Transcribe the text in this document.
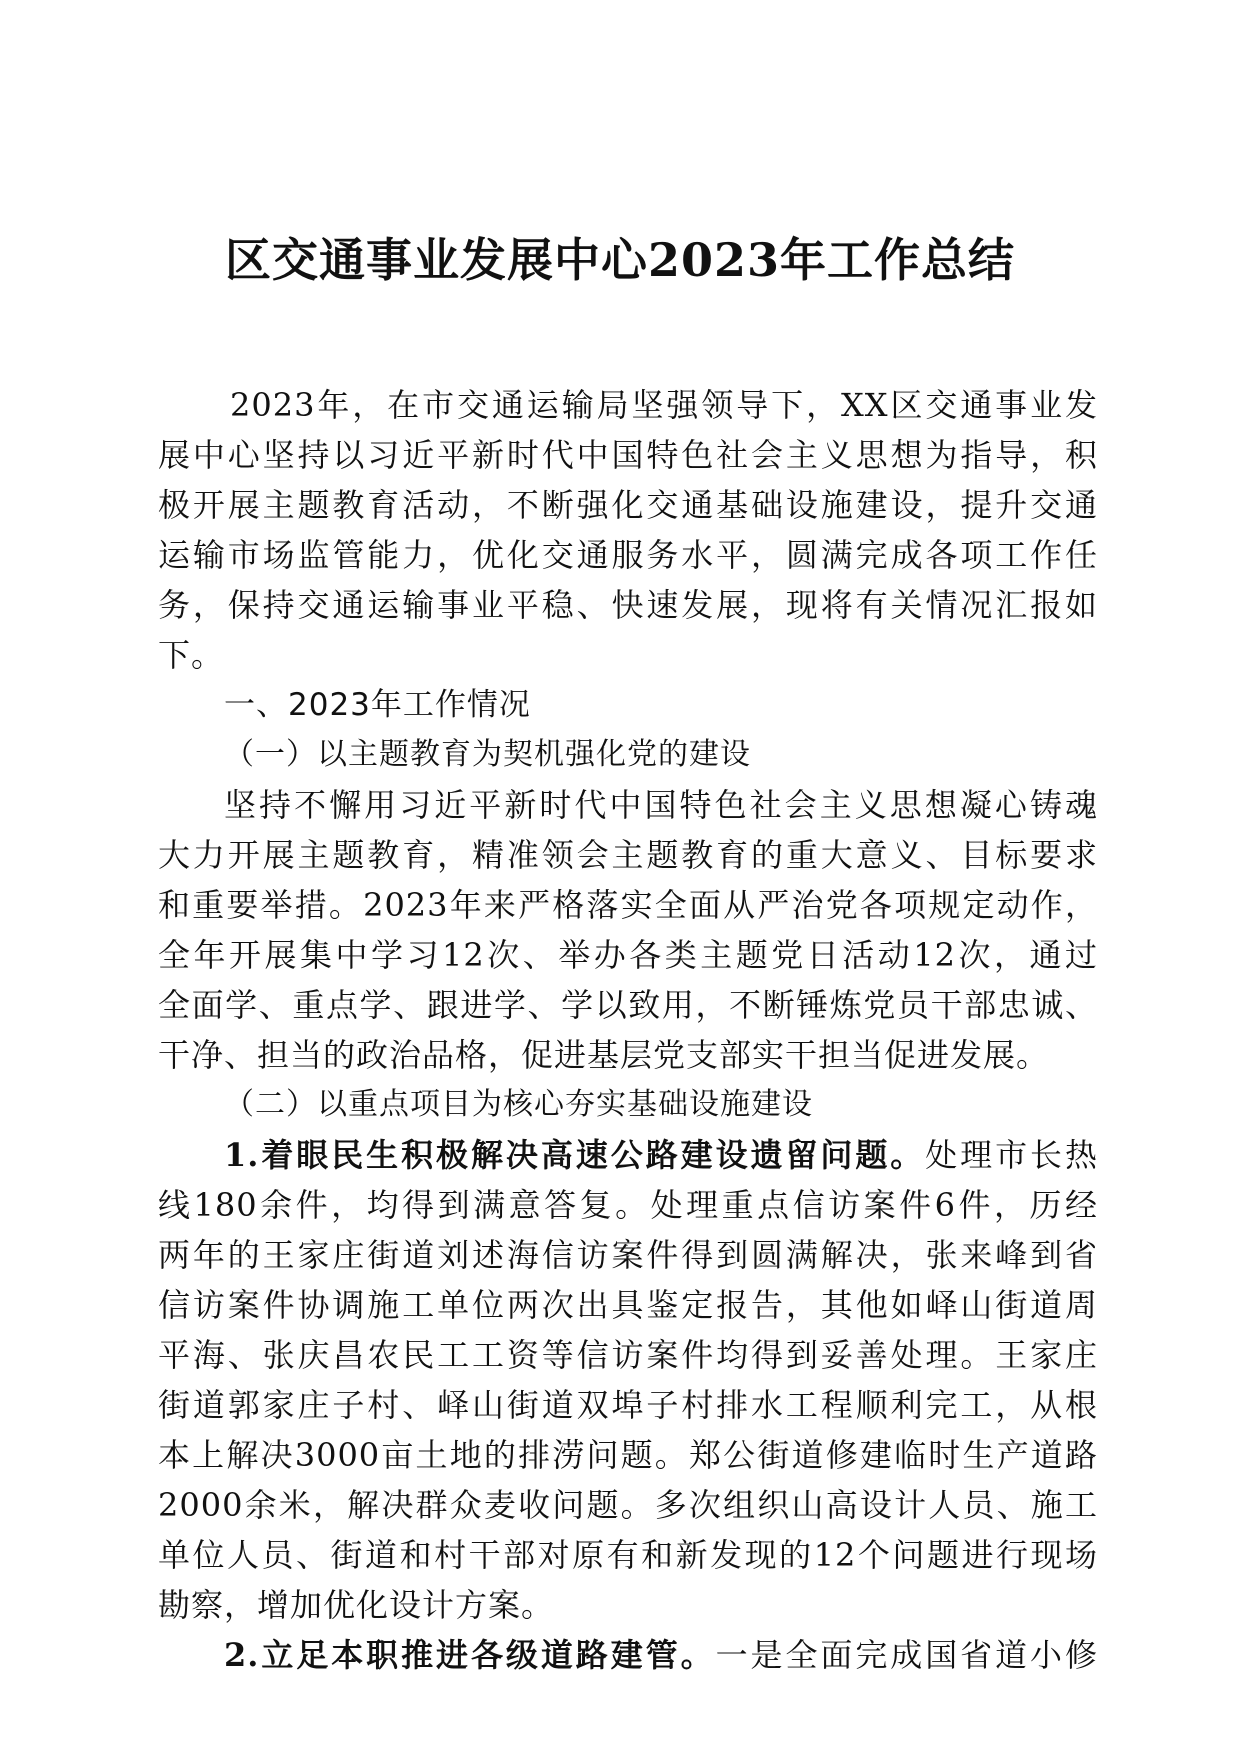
区交通事业发展中心2023年工作总结
2023年，在市交通运输局坚强领导下，XX区交通事业发
展中心坚持以习近平新时代中国特色社会主义思想为指导，积
极开展主题教育活动，不断强化交通基础设施建设，提升交通
运输市场监管能力，优化交通服务水平，圆满完成各项工作任
务，保持交通运输事业平稳、快速发展，现将有关情况汇报如
下。
一、2023年工作情况
（一）以主题教育为契机强化党的建设
坚持不懈用习近平新时代中国特色社会主义思想凝心铸魂
大力开展主题教育，精准领会主题教育的重大意义、目标要求
和重要举措。2023年来严格落实全面从严治党各项规定动作，
全年开展集中学习12次、举办各类主题党日活动12次，通过
全面学、重点学、跟进学、学以致用，不断锤炼党员干部忠诚、
干净、担当的政治品格，促进基层党支部实干担当促进发展。
（二）以重点项目为核心夯实基础设施建设
1.着眼民生积极解决高速公路建设遗留问题。处理市长热
线180余件，均得到满意答复。处理重点信访案件6件，历经
两年的王家庄街道刘述海信访案件得到圆满解决，张来峰到省
信访案件协调施工单位两次出具鉴定报告，其他如峄山街道周
平海、张庆昌农民工工资等信访案件均得到妥善处理。王家庄
街道郭家庄子村、峄山街道双埠子村排水工程顺利完工，从根
本上解决3000亩土地的排涝问题。郑公街道修建临时生产道路
2000余米，解决群众麦收问题。多次组织山高设计人员、施工
单位人员、街道和村干部对原有和新发现的12个问题进行现场
勘察，增加优化设计方案。
2.立足本职推进各级道路建管。一是全面完成国省道小修
